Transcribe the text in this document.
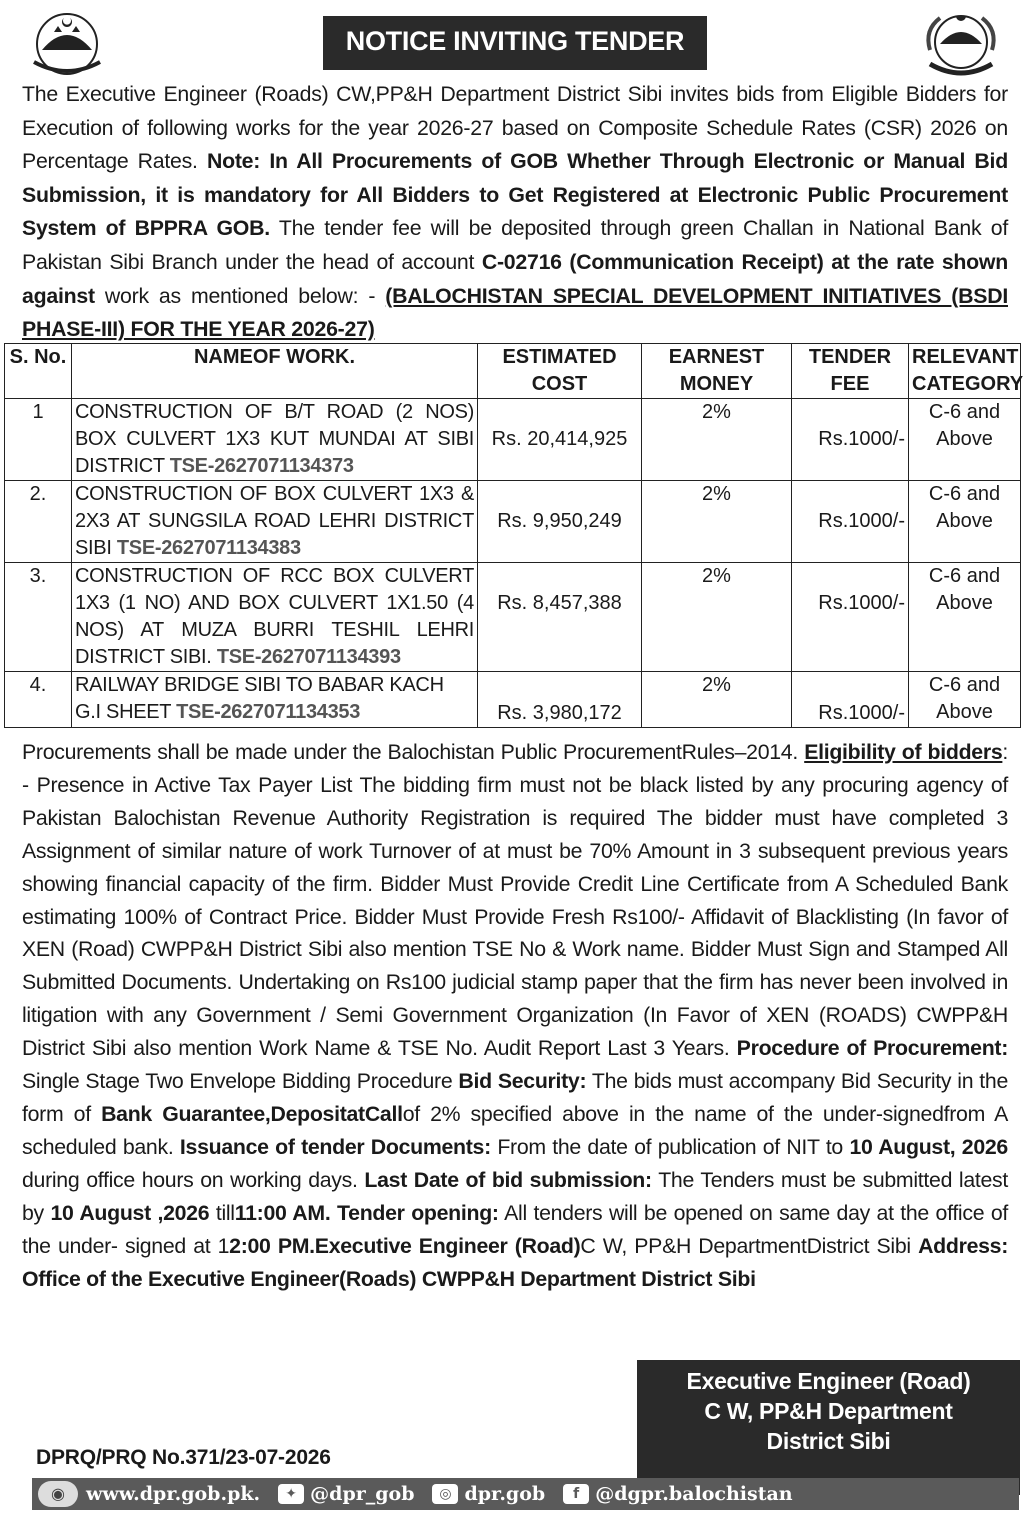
NOTICE INVITING TENDER

The Executive Engineer (Roads) CW,PP&H Department District Sibi invites bids from Eligible Bidders for Execution of following works for the year 2026-27 based on Composite Schedule Rates (CSR) 2026 on Percentage Rates. Note: In All Procurements of GOB Whether Through Electronic or Manual Bid Submission, it is mandatory for All Bidders to Get Registered at Electronic Public Procurement System of BPPRA GOB. The tender fee will be deposited through green Challan in National Bank of Pakistan Sibi Branch under the head of account C-02716 (Communication Receipt) at the rate shown against work as mentioned below: - (BALOCHISTAN SPECIAL DEVELOPMENT INITIATIVES (BSDI PHASE-III) FOR THE YEAR 2026-27)

S. No.	NAMEOF WORK.	ESTIMATED COST	EARNEST MONEY	TENDER FEE	RELEVANT CATEGORY
1	CONSTRUCTION OF B/T ROAD (2 NOS) BOX CULVERT 1X3 KUT MUNDAI AT SIBI DISTRICT TSE-2627071134373	Rs. 20,414,925	2%	Rs.1000/-	C-6 and Above
2.	CONSTRUCTION OF BOX CULVERT 1X3 & 2X3 AT SUNGSILA ROAD LEHRI DISTRICT SIBI TSE-2627071134383	Rs. 9,950,249	2%	Rs.1000/-	C-6 and Above
3.	CONSTRUCTION OF RCC BOX CULVERT 1X3 (1 NO) AND BOX CULVERT 1X1.50 (4 NOS) AT MUZA BURRI TESHIL LEHRI DISTRICT SIBI. TSE-2627071134393	Rs. 8,457,388	2%	Rs.1000/-	C-6 and Above
4.	RAILWAY BRIDGE SIBI TO BABAR KACH G.I SHEET TSE-2627071134353	Rs. 3,980,172	2%	Rs.1000/-	C-6 and Above

Procurements shall be made under the Balochistan Public ProcurementRules–2014. Eligibility of bidders: - Presence in Active Tax Payer List The bidding firm must not be black listed by any procuring agency of Pakistan Balochistan Revenue Authority Registration is required The bidder must have completed 3 Assignment of similar nature of work Turnover of at must be 70% Amount in 3 subsequent previous years showing financial capacity of the firm. Bidder Must Provide Credit Line Certificate from A Scheduled Bank estimating 100% of Contract Price. Bidder Must Provide Fresh Rs100/- Affidavit of Blacklisting (In favor of XEN (Road) CWPP&H District Sibi also mention TSE No & Work name. Bidder Must Sign and Stamped All Submitted Documents. Undertaking on Rs100 judicial stamp paper that the firm has never been involved in litigation with any Government / Semi Government Organization (In Favor of XEN (ROADS) CWPP&H District Sibi also mention Work Name & TSE No. Audit Report Last 3 Years. Procedure of Procurement: Single Stage Two Envelope Bidding Procedure Bid Security: The bids must accompany Bid Security in the form of Bank Guarantee,DepositatCallof 2% specified above in the name of the under-signedfrom A scheduled bank. Issuance of tender Documents: From the date of publication of NIT to 10 August, 2026 during office hours on working days. Last Date of bid submission: The Tenders must be submitted latest by 10 August ,2026 till11:00 AM. Tender opening: All tenders will be opened on same day at the office of the under- signed at 12:00 PM.Executive Engineer (Road)C W, PP&H DepartmentDistrict Sibi Address: Office of the Executive Engineer(Roads) CWPP&H Department District Sibi

Executive Engineer (Road)
C W, PP&H Department
District Sibi
DPRQ/PRQ No.371/23-07-2026
◉	www.dpr.gob.pk.	✦ @dpr_gob	◎ dpr.gob	f @dgpr.balochistan
